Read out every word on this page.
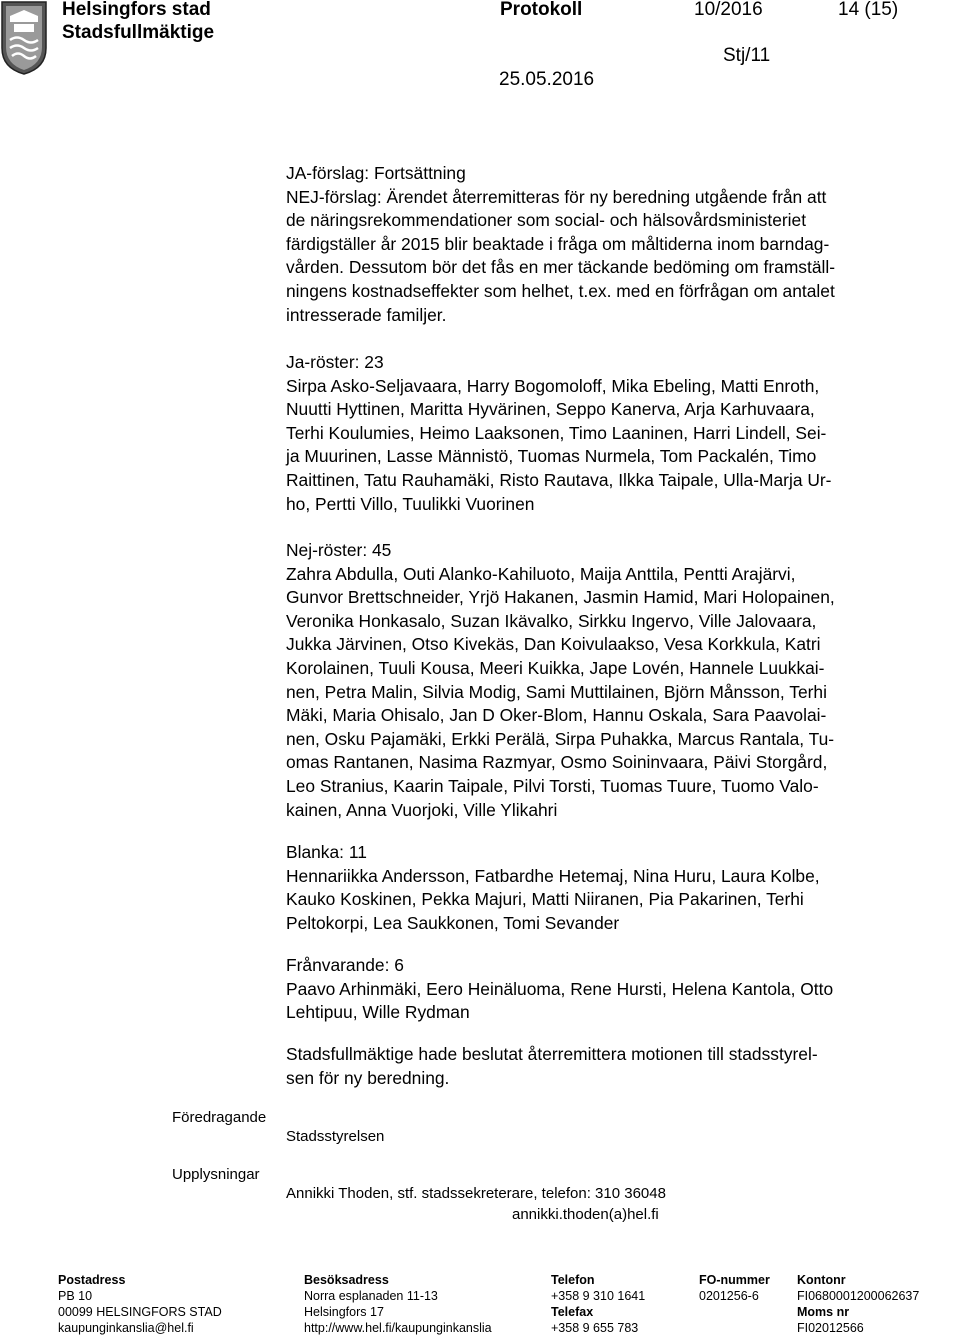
Helsingfors stad
Stadsfullmäktige
Protokoll	10/2016	14 (15)
Stj/11
25.05.2016
JA-förslag: Fortsättning
NEJ-förslag: Ärendet återremitteras för ny beredning utgående från att
de näringsrekommendationer som social- och hälsovårdsministeriet
färdigställer år 2015 blir beaktade i fråga om måltiderna inom barndag-
vården. Dessutom bör det fås en mer täckande bedöming om framställ-
ningens kostnadseffekter som helhet, t.ex. med en förfrågan om antalet
intresserade familjer.
Ja-röster: 23
Sirpa Asko-Seljavaara, Harry Bogomoloff, Mika Ebeling, Matti Enroth,
Nuutti Hyttinen, Maritta Hyvärinen, Seppo Kanerva, Arja Karhuvaara,
Terhi Koulumies, Heimo Laaksonen, Timo Laaninen, Harri Lindell, Sei-
ja Muurinen, Lasse Männistö, Tuomas Nurmela, Tom Packalén, Timo
Raittinen, Tatu Rauhamäki, Risto Rautava, Ilkka Taipale, Ulla-Marja Ur-
ho, Pertti Villo, Tuulikki Vuorinen
Nej-röster: 45
Zahra Abdulla, Outi Alanko-Kahiluoto, Maija Anttila, Pentti Arajärvi,
Gunvor Brettschneider, Yrjö Hakanen, Jasmin Hamid, Mari Holopainen,
Veronika Honkasalo, Suzan Ikävalko, Sirkku Ingervo, Ville Jalovaara,
Jukka Järvinen, Otso Kivekäs, Dan Koivulaakso, Vesa Korkkula, Katri
Korolainen, Tuuli Kousa, Meeri Kuikka, Jape Lovén, Hannele Luukkai-
nen, Petra Malin, Silvia Modig, Sami Muttilainen, Björn Månsson, Terhi
Mäki, Maria Ohisalo, Jan D Oker-Blom, Hannu Oskala, Sara Paavolai-
nen, Osku Pajamäki, Erkki Perälä, Sirpa Puhakka, Marcus Rantala, Tu-
omas Rantanen, Nasima Razmyar, Osmo Soininvaara, Päivi Storgård,
Leo Stranius, Kaarin Taipale, Pilvi Torsti, Tuomas Tuure, Tuomo Valo-
kainen, Anna Vuorjoki, Ville Ylikahri
Blanka: 11
Hennariikka Andersson, Fatbardhe Hetemaj, Nina Huru, Laura Kolbe,
Kauko Koskinen, Pekka Majuri, Matti Niiranen, Pia Pakarinen, Terhi
Peltokorpi, Lea Saukkonen, Tomi Sevander
Frånvarande: 6
Paavo Arhinmäki, Eero Heinäluoma, Rene Hursti, Helena Kantola, Otto
Lehtipuu, Wille Rydman
Stadsfullmäktige hade beslutat återremittera motionen till stadsstyrel-
sen för ny beredning.
Föredragande
Stadsstyrelsen
Upplysningar
Annikki Thoden, stf. stadssekreterare, telefon: 310 36048
annikki.thoden(a)hel.fi
Postadress
PB 10
00099 HELSINGFORS STAD
kaupunginkanslia@hel.fi
Besöksadress
Norra esplanaden 11-13
Helsingfors 17
http://www.hel.fi/kaupunginkanslia
Telefon
+358 9 310 1641
Telefax
+358 9 655 783
FO-nummer
0201256-6
Kontonr
FI0680001200062637
Moms nr
FI02012566
